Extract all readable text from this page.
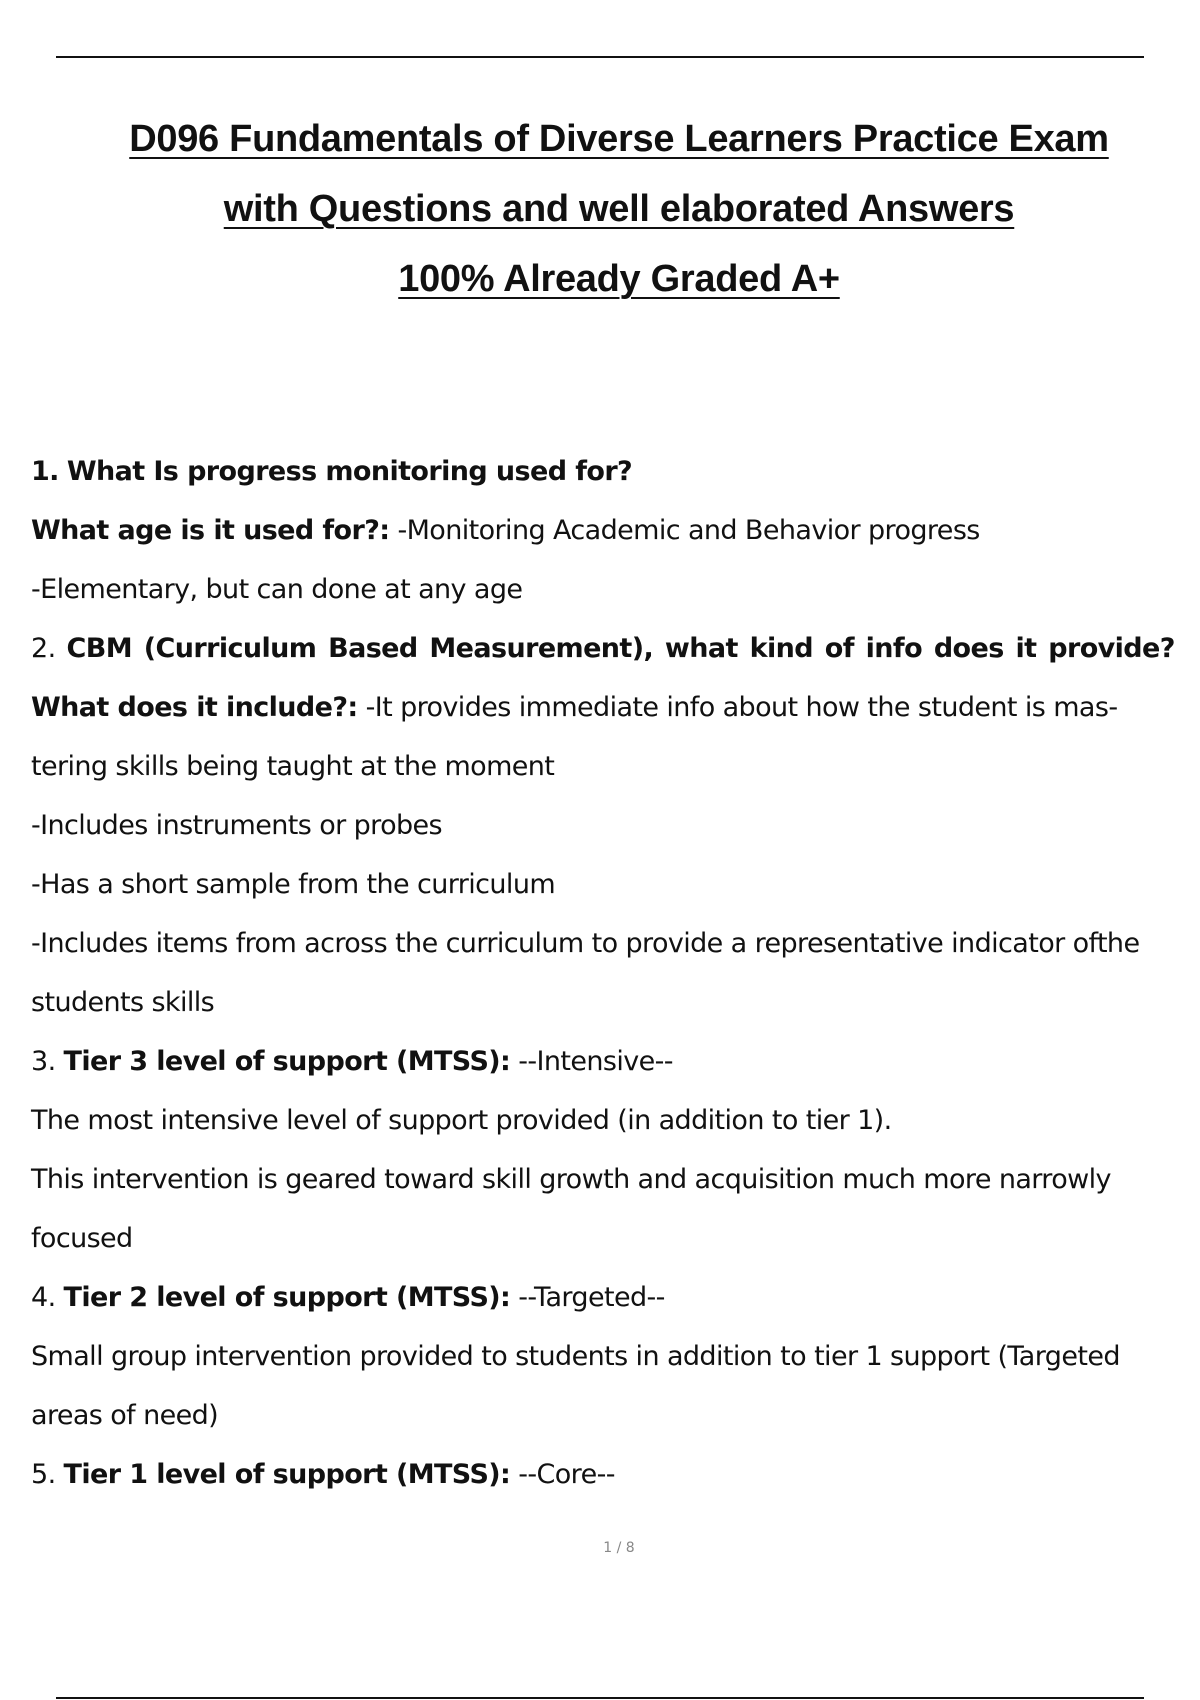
D096 Fundamentals of Diverse Learners Practice Exam
with Questions and well elaborated Answers
100% Already Graded A+
1. What Is progress monitoring used for?
What age is it used for?: -Monitoring Academic and Behavior progress
-Elementary, but can done at any age
2. CBM (Curriculum Based Measurement), what kind of info does it provide?
What does it include?: -It provides immediate info about how the student is mas-
tering skills being taught at the moment
-Includes instruments or probes
-Has a short sample from the curriculum
-Includes items from across the curriculum to provide a representative indicator ofthe
students skills
3. Tier 3 level of support (MTSS): --Intensive--
The most intensive level of support provided (in addition to tier 1).
This intervention is geared toward skill growth and acquisition much more narrowly
focused
4. Tier 2 level of support (MTSS): --Targeted--
Small group intervention provided to students in addition to tier 1 support (Targeted
areas of need)
5. Tier 1 level of support (MTSS): --Core--
1 / 8
